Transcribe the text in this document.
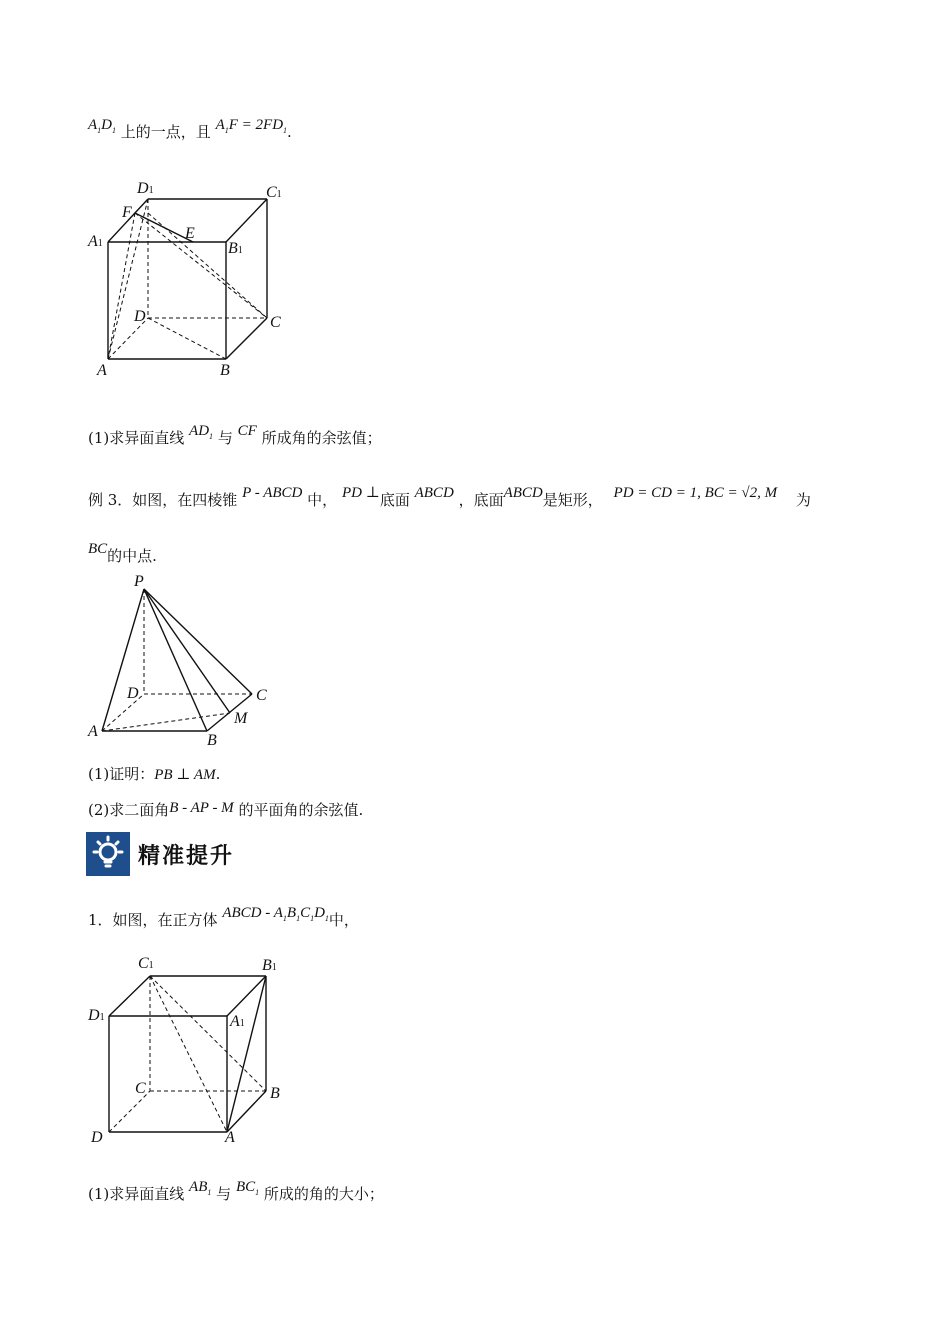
$A_1D_1$ 上的一点，且 $A_1F = 2FD_1$.
D1	C1
F
E
A1	B1
D	C
A	B
(1)求异面直线 $AD_1$ 与 CF 所成角的余弦值；
例 3．如图，在四棱锥 P - ABCD 中， PD ⊥底面 ABCD ，底面ABCD是矩形， PD = CD = 1, BC = √2, M 为
BC的中点.
P
D	C
M
A
B
(1)证明：PB ⊥ AM.
(2)求二面角B - AP - M 的平面角的余弦值.
精准提升
1．如图，在正方体 ABCD - $A_1B_1C_1D_1$中，
C1	B1
D1	A1
C	B
D	A
(1)求异面直线 $AB_1$ 与 $BC_1$ 所成的角的大小；
